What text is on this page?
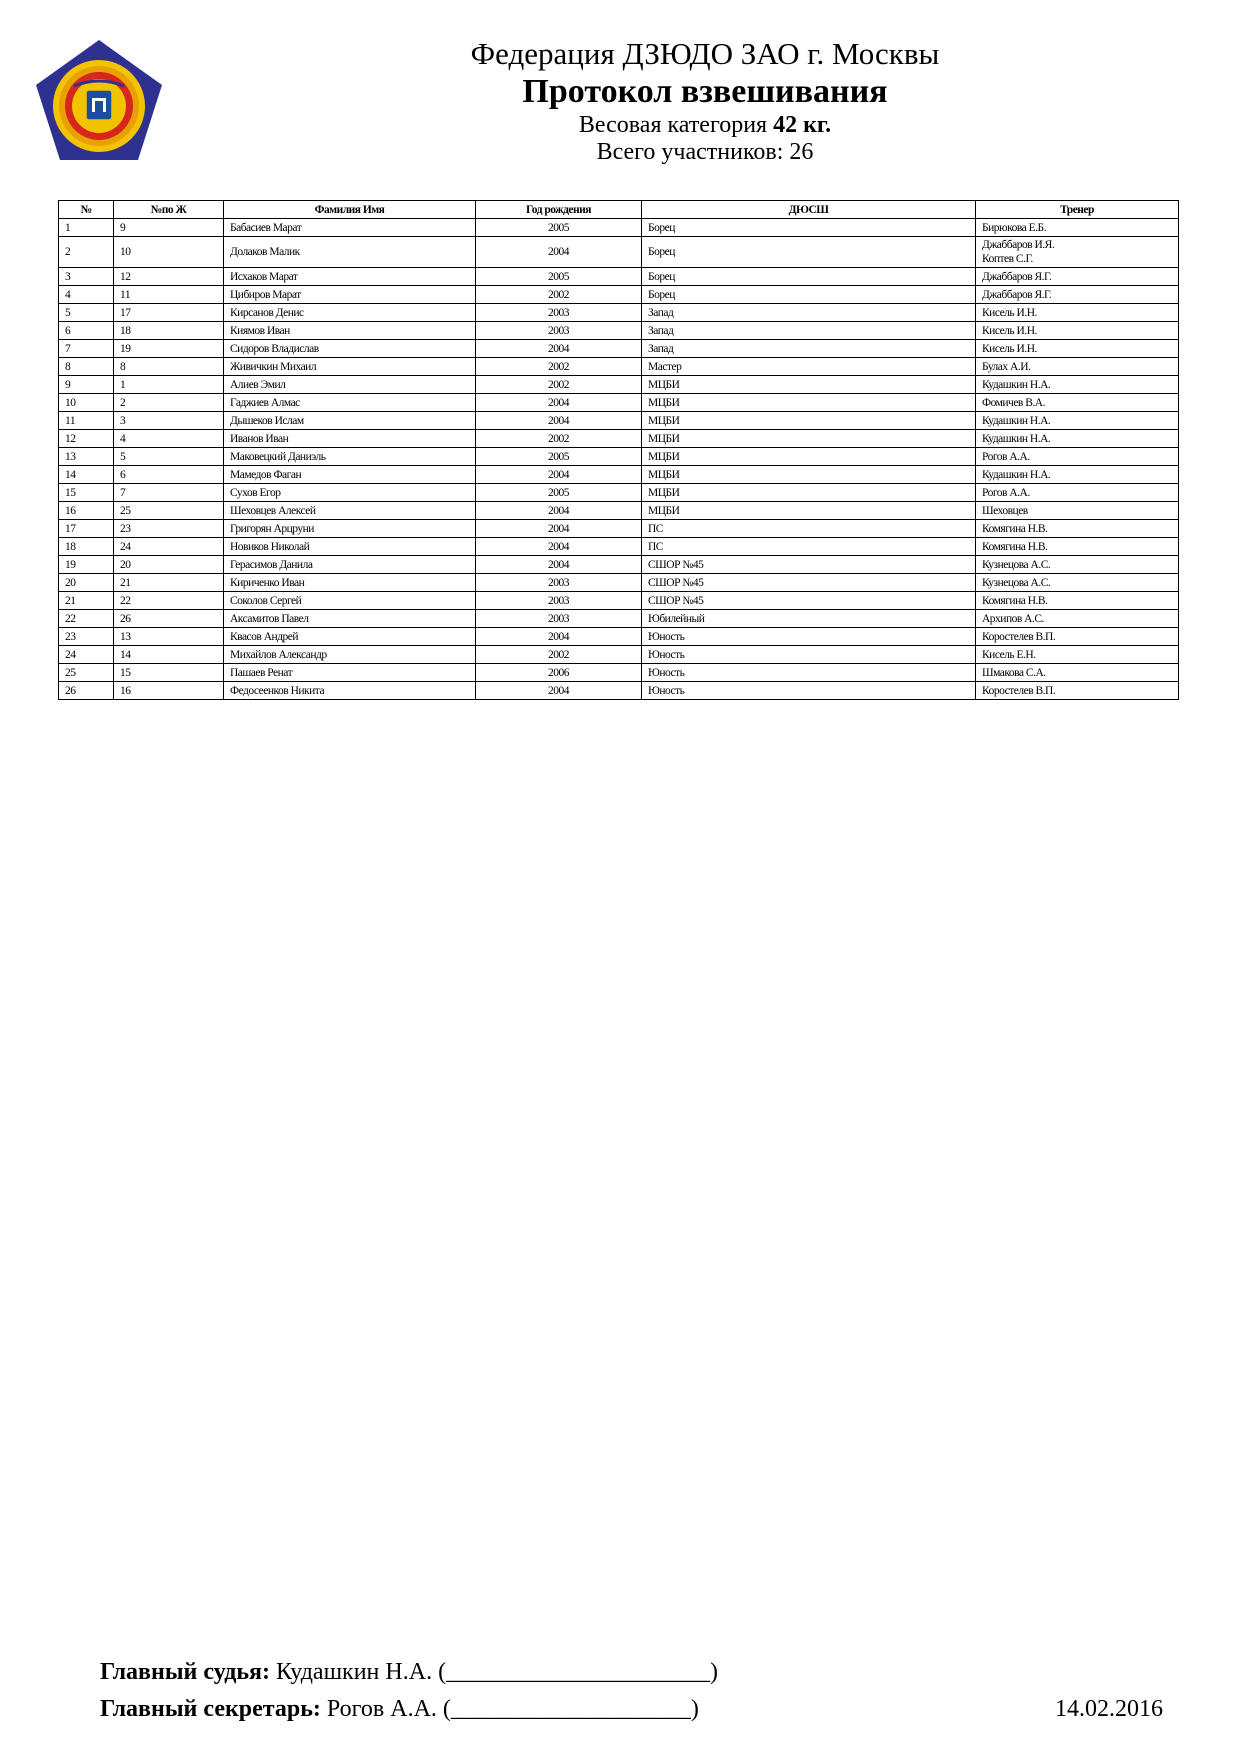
Федерация ДЗЮДО ЗАО г. Москвы
Протокол взвешивания
Весовая категория 42 кг.
Всего участников: 26
№	№по Ж	Фамилия Имя	Год рождения	ДЮСШ	Тренер
1	9	Бабасиев Марат	2005	Борец	Бирюкова Е.Б.

2	10	Долаков Малик	2004	Борец	Джаббаров И.Я.
Коптев С.Г.

3	12	Исхаков Марат	2005	Борец	Джаббаров Я.Г.

4	11	Цибиров Марат	2002	Борец	Джаббаров Я.Г.

5	17	Кирсанов Денис	2003	Запад	Кисель И.Н.

6	18	Киямов Иван	2003	Запад	Кисель И.Н.

7	19	Сидоров Владислав	2004	Запад	Кисель И.Н.

8	8	Живичкин Михаил	2002	Мастер	Булах А.И.

9	1	Алиев Эмил	2002	МЦБИ	Кудашкин Н.А.

10	2	Гаджиев Алмас	2004	МЦБИ	Фомичев В.А.

11	3	Дышеков Ислам	2004	МЦБИ	Кудашкин Н.А.

12	4	Иванов Иван	2002	МЦБИ	Кудашкин Н.А.

13	5	Маковецкий Даниэль	2005	МЦБИ	Рогов А.А.

14	6	Мамедов Фаган	2004	МЦБИ	Кудашкин Н.А.

15	7	Сухов Егор	2005	МЦБИ	Рогов А.А.

16	25	Шеховцев Алексей	2004	МЦБИ	Шеховцев

17	23	Григорян Арцруни	2004	ПС	Комягина Н.В.

18	24	Новиков Николай	2004	ПС	Комягина Н.В.

19	20	Герасимов Данила	2004	СШОР №45	Кузнецова А.С.

20	21	Кириченко Иван	2003	СШОР №45	Кузнецова А.С.

21	22	Соколов Сергей	2003	СШОР №45	Комягина Н.В.

22	26	Аксамитов Павел	2003	Юбилейный	Архипов А.С.

23	13	Квасов Андрей	2004	Юность	Коростелев В.П.

24	14	Михайлов Александр	2002	Юность	Кисель Е.Н.

25	15	Пашаев Ренат	2006	Юность	Шмакова С.А.

26	16	Федосеенков Никита	2004	Юность	Коростелев В.П.
Главный судья: Кудашкин Н.А. (______________________)
Главный секретарь: Рогов А.А. (____________________)	14.02.2016
